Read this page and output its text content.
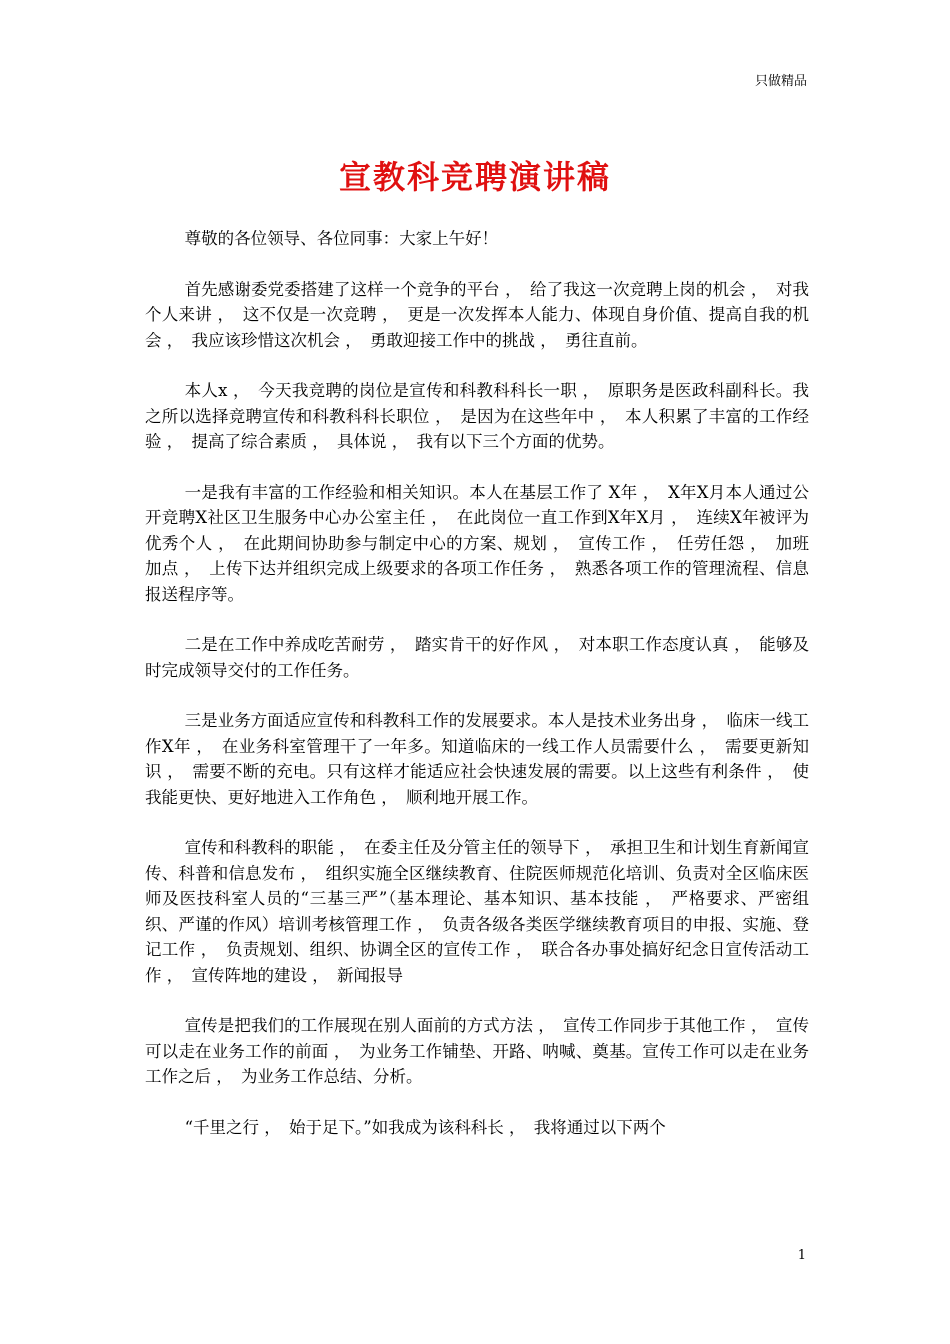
只做精品
宣教科竞聘演讲稿

尊敬的各位领导、各位同事：大家上午好！

首先感谢委党委搭建了这样一个竞争的平台 ，　给了我这一次竞聘上岗的机会 ，　对我个人来讲 ，　这不仅是一次竞聘 ，　更是一次发挥本人能力、体现自身价值、提高自我的机会 ，　我应该珍惜这次机会 ，　勇敢迎接工作中的挑战 ，　勇往直前。

本人x ，　今天我竞聘的岗位是宣传和科教科科长一职 ，　原职务是医政科副科长。我之所以选择竞聘宣传和科教科科长职位 ，　是因为在这些年中 ，　本人积累了丰富的工作经验 ，　提高了综合素质 ，　具体说 ，　我有以下三个方面的优势。

一是我有丰富的工作经验和相关知识。本人在基层工作了 X年 ，　X年X月本人通过公开竞聘X社区卫生服务中心办公室主任 ，　在此岗位一直工作到X年X月 ，　连续X年被评为优秀个人 ，　在此期间协助参与制定中心的方案、规划 ，　宣传工作 ，　任劳任怨 ，　加班加点 ，　上传下达并组织完成上级要求的各项工作任务 ，　熟悉各项工作的管理流程、信息报送程序等。

二是在工作中养成吃苦耐劳 ，　踏实肯干的好作风 ，　对本职工作态度认真 ，　能够及时完成领导交付的工作任务。

三是业务方面适应宣传和科教科工作的发展要求。本人是技术业务出身 ，　临床一线工作X年 ，　在业务科室管理干了一年多。知道临床的一线工作人员需要什么 ，　需要更新知识 ，　需要不断的充电。只有这样才能适应社会快速发展的需要。以上这些有利条件 ，　使我能更快、更好地进入工作角色 ，　顺利地开展工作。

宣传和科教科的职能 ，　在委主任及分管主任的领导下 ，　承担卫生和计划生育新闻宣传、科普和信息发布 ，　组织实施全区继续教育、住院医师规范化培训、负责对全区临床医师及医技科室人员的“三基三严”（基本理论、基本知识、基本技能 ，　严格要求、严密组织、严谨的作风）培训考核管理工作 ，　负责各级各类医学继续教育项目的申报、实施、登记工作 ，　负责规划、组织、协调全区的宣传工作 ，　联合各办事处搞好纪念日宣传活动工作 ，　宣传阵地的建设 ，　新闻报导

宣传是把我们的工作展现在别人面前的方式方法 ，　宣传工作同步于其他工作 ，　宣传可以走在业务工作的前面 ，　为业务工作铺垫、开路、呐喊、奠基。宣传工作可以走在业务工作之后 ，　为业务工作总结、分析。

“千里之行 ，　始于足下。”如我成为该科科长 ，　我将通过以下两个

1
